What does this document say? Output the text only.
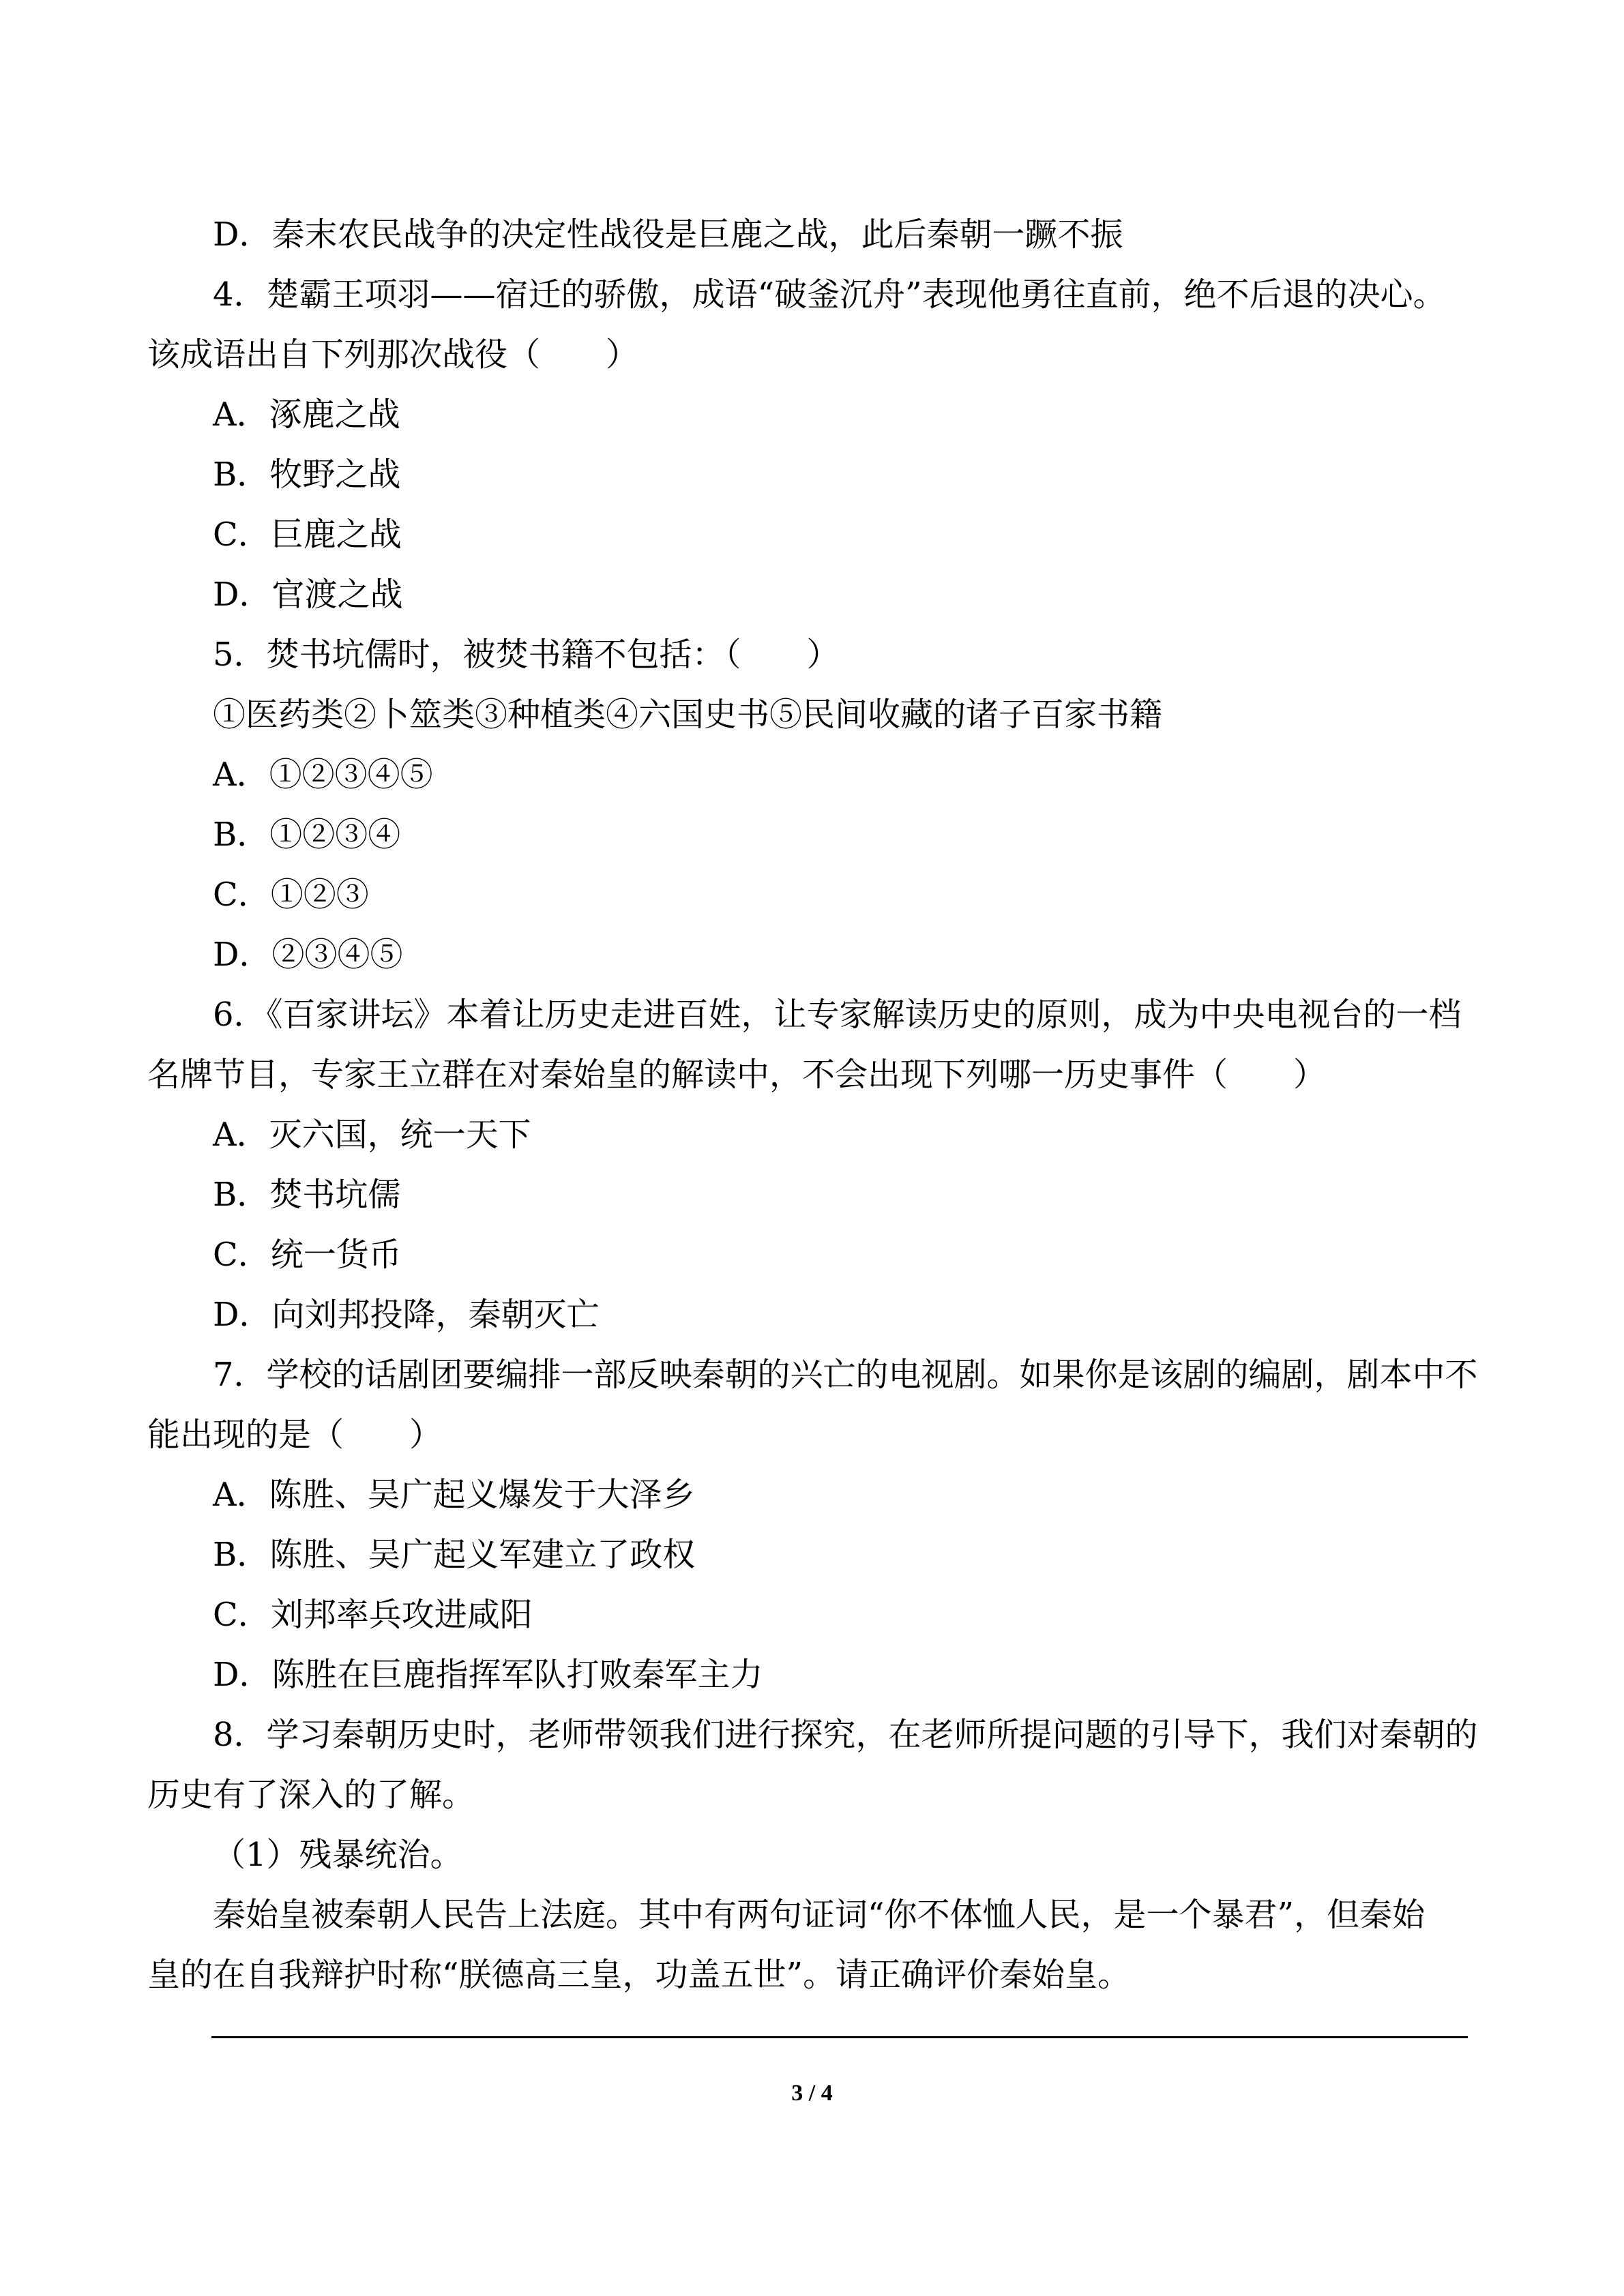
D．秦末农民战争的决定性战役是巨鹿之战，此后秦朝一蹶不振

4．楚霸王项羽——宿迁的骄傲，成语“破釜沉舟”表现他勇往直前，绝不后退的决心。

该成语出自下列那次战役（　　）

A．涿鹿之战

B．牧野之战

C．巨鹿之战

D．官渡之战

5．焚书坑儒时，被焚书籍不包括：（　　）

①医药类②卜筮类③种植类④六国史书⑤民间收藏的诸子百家书籍

A．①②③④⑤

B．①②③④

C．①②③

D．②③④⑤

6．《百家讲坛》本着让历史走进百姓，让专家解读历史的原则，成为中央电视台的一档

名牌节目，专家王立群在对秦始皇的解读中，不会出现下列哪一历史事件（　　）

A．灭六国，统一天下

B．焚书坑儒

C．统一货币

D．向刘邦投降，秦朝灭亡

7．学校的话剧团要编排一部反映秦朝的兴亡的电视剧。如果你是该剧的编剧，剧本中不

能出现的是（　　）

A．陈胜、吴广起义爆发于大泽乡

B．陈胜、吴广起义军建立了政权

C．刘邦率兵攻进咸阳

D．陈胜在巨鹿指挥军队打败秦军主力

8．学习秦朝历史时，老师带领我们进行探究，在老师所提问题的引导下，我们对秦朝的

历史有了深入的了解。

（1）残暴统治。

秦始皇被秦朝人民告上法庭。其中有两句证词“你不体恤人民，是一个暴君”，但秦始

皇的在自我辩护时称“朕德高三皇，功盖五世”。请正确评价秦始皇。

3 / 4
